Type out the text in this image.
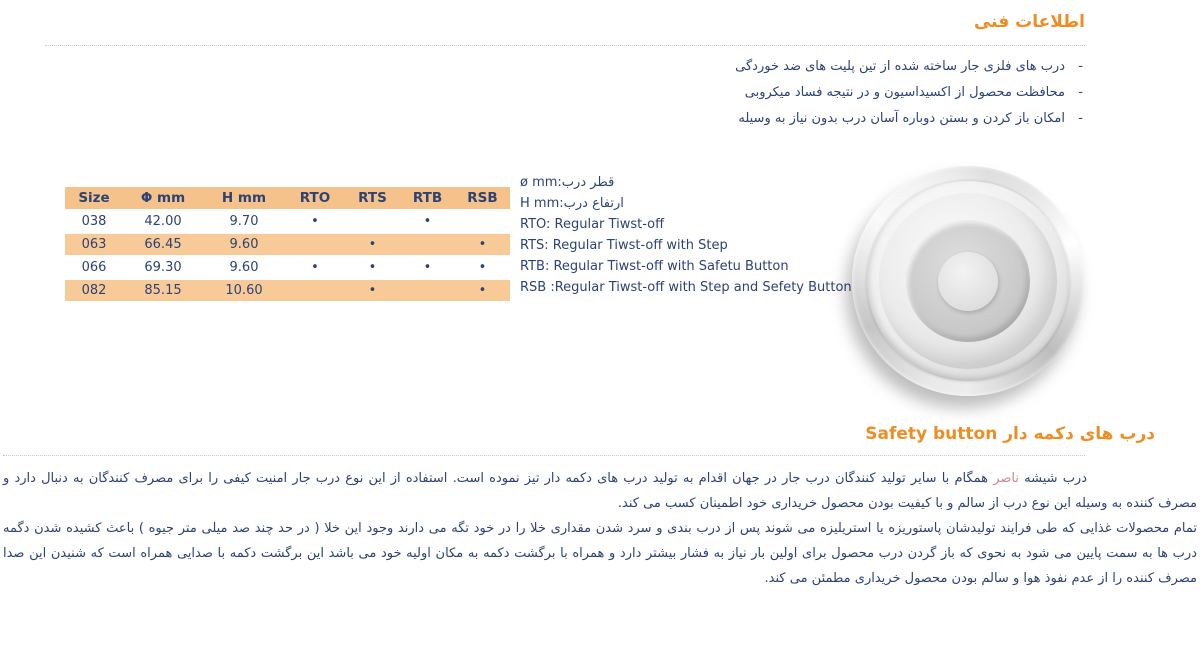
اطلاعات فنی
- درب های فلزی جار ساخته شده از تین پلیت های ضد خوردگی
- محافظت محصول از اکسیداسیون و در نتیجه فساد میکروبی
- امکان باز کردن و بستن دوباره آسان درب بدون نیاز به وسیله
Size	Φ mm	H mm	RTO	RTS	RTB	RSB
038	42.00	9.70	•		•	
063	66.45	9.60		•		•
066	69.30	9.60	•	•	•	•
082	85.15	10.60		•		•
ø mm:قطر درب
H mm:ارتفاع درب
RTO: Regular Tiwst-off
RTS: Regular Tiwst-off with Step
RTB: Regular Tiwst-off with Safetu Button
RSB :Regular Tiwst-off with Step and Sefety Button
درب های دکمه دار Safety button

درب شیشه ناصر همگام با سایر تولید کنندگان درب جار در جهان اقدام به تولید درب های دکمه دار تیز نموده است. استفاده از این نوع درب جار امنیت کیفی را برای مصرف کنندگان به دنبال دارد و مصرف کننده به وسیله این نوع درب از سالم و با کیفیت بودن محصول خریداری خود اطمینان کسب می کند.

تمام محصولات غذایی که طی فرایند تولیدشان پاستوریزه یا استریلیزه می شوند پس از درب بندی و سرد شدن مقداری خلا را در خود تگه می دارند وجود این خلا ( در حد چند صد میلی متر جیوه ) باعث کشیده شدن دگمه درب ها به سمت پایین می شود به نحوی که باز گردن درب محصول برای اولین بار نیاز به فشار بیشتر دارد و همراه با برگشت دکمه به مکان اولیه خود می باشد این برگشت دکمه با صدایی همراه است که شنیدن این صدا مصرف کننده را از عدم نفوذ هوا و سالم بودن محصول خریداری مطمئن می کند.
